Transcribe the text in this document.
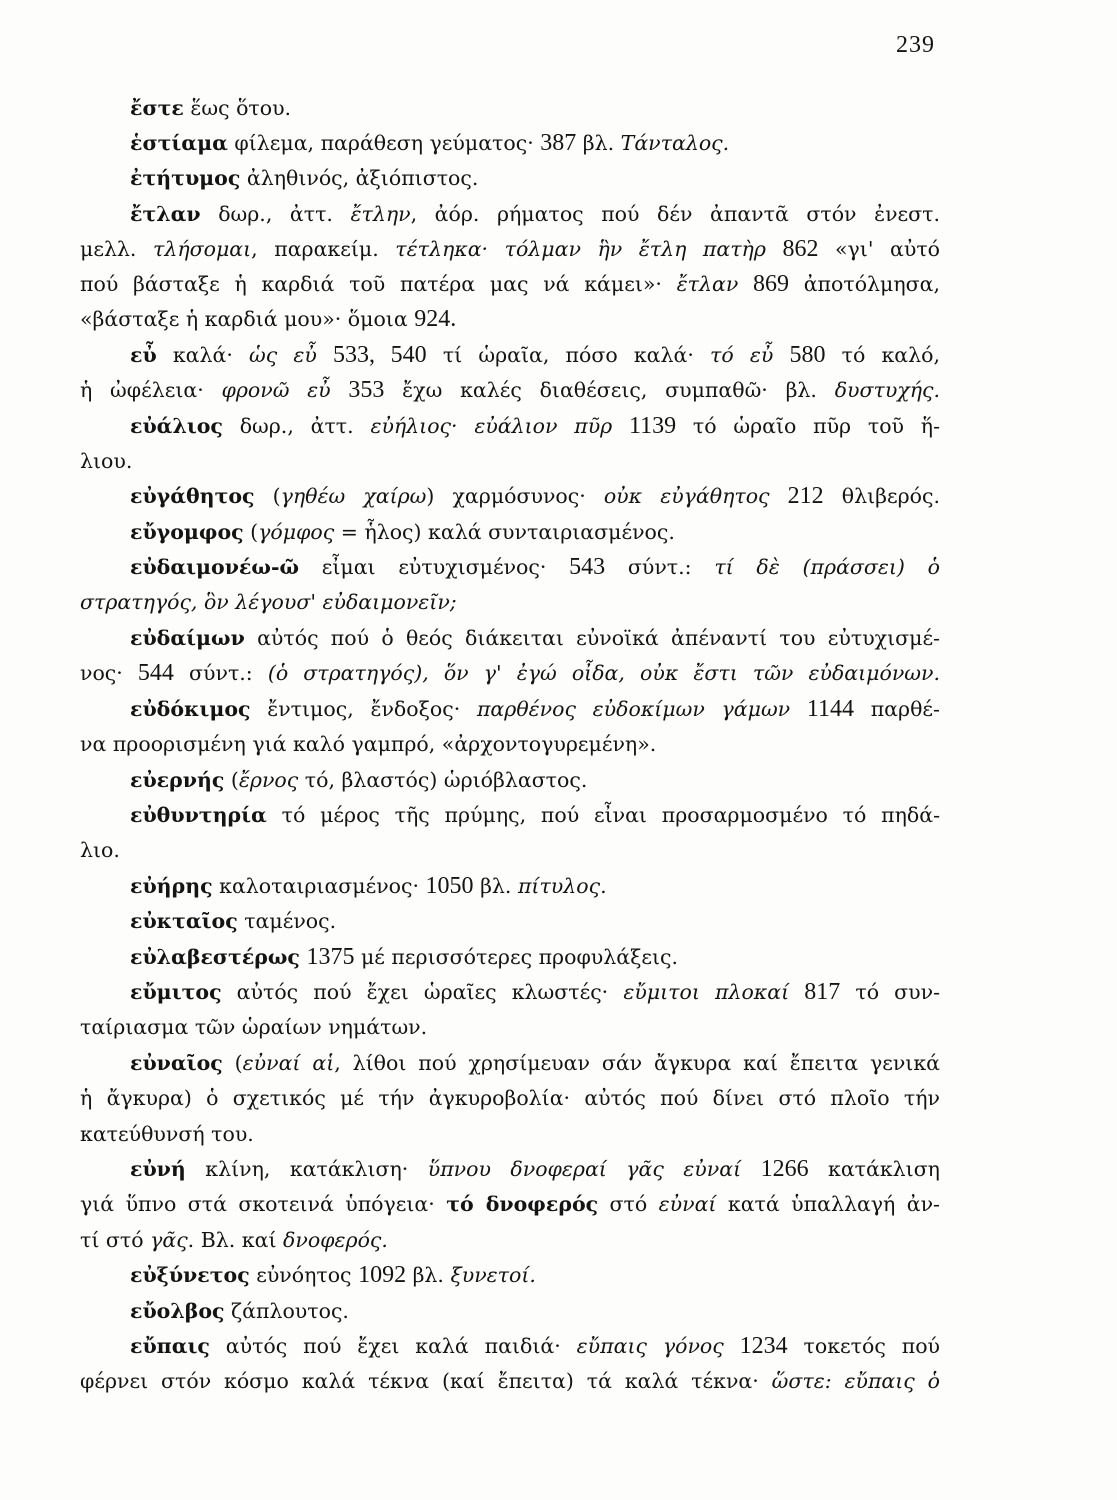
239
ἔστε ἕως ὅτου.
ἑστίαμα φίλεμα, παράθεση γεύματος· 387 βλ. Τάνταλος.
ἐτήτυμος ἀληθινός, ἀξιόπιστος.
ἔτλαν δωρ., ἀττ. ἔτλην, ἀόρ. ρήματος πού δέν ἀπαντᾶ στόν ἐνεστ.
μελλ. τλήσομαι, παρακείμ. τέτληκα· τόλμαν ἣν ἔτλη πατὴρ 862 «γι' αὐτό
πού βάσταξε ἡ καρδιά τοῦ πατέρα μας νά κάμει»· ἔτλαν 869 ἀποτόλμησα,
«βάσταξε ἡ καρδιά μου»· ὅμοια 924.
εὖ καλά· ὡς εὖ 533, 540 τί ὡραῖα, πόσο καλά· τό εὖ 580 τό καλό,
ἡ ὠφέλεια· φρονῶ εὖ 353 ἔχω καλές διαθέσεις, συμπαθῶ· βλ. δυστυχής.
εὐάλιος δωρ., ἀττ. εὐήλιος· εὐάλιον πῦρ 1139 τό ὡραῖο πῦρ τοῦ ἥ-
λιου.
εὐγάθητος (γηθέω χαίρω) χαρμόσυνος· οὐκ εὐγάθητος 212 θλιβερός.
εὔγομφος (γόμφος = ἧλος) καλά συνταιριασμένος.
εὐδαιμονέω-ῶ εἶμαι εὐτυχισμένος· 543 σύντ.: τί δὲ (πράσσει) ὁ
στρατηγός, ὃν λέγουσ' εὐδαιμονεῖν;
εὐδαίμων αὐτός πού ὁ θεός διάκειται εὐνοϊκά ἀπέναντί του εὐτυχισμέ-
νος· 544 σύντ.: (ὁ στρατηγός), ὅν γ' ἐγώ οἶδα, οὐκ ἔστι τῶν εὐδαιμόνων.
εὐδόκιμος ἔντιμος, ἔνδοξος· παρθένος εὐδοκίμων γάμων 1144 παρθέ-
να προορισμένη γιά καλό γαμπρό, «ἀρχοντογυρεμένη».
εὐερνής (ἔρνος τό, βλαστός) ὡριόβλαστος.
εὐθυντηρία τό μέρος τῆς πρύμης, πού εἶναι προσαρμοσμένο τό πηδά-
λιο.
εὐήρης καλοταιριασμένος· 1050 βλ. πίτυλος.
εὐκταῖος ταμένος.
εὐλαβεστέρως 1375 μέ περισσότερες προφυλάξεις.
εὔμιτος αὐτός πού ἔχει ὡραῖες κλωστές· εὔμιτοι πλοκαί 817 τό συν-
ταίριασμα τῶν ὡραίων νημάτων.
εὐναῖος (εὐναί αἱ, λίθοι πού χρησίμευαν σάν ἄγκυρα καί ἔπειτα γενικά
ἡ ἄγκυρα) ὁ σχετικός μέ τήν ἀγκυροβολία· αὐτός πού δίνει στό πλοῖο τήν
κατεύθυνσή του.
εὐνή κλίνη, κατάκλιση· ὕπνου δνοφεραί γᾶς εὐναί 1266 κατάκλιση
γιά ὕπνο στά σκοτεινά ὑπόγεια· τό δνοφερός στό εὐναί κατά ὑπαλλαγή ἀν-
τί στό γᾶς. Βλ. καί δνοφερός.
εὐξύνετος εὐνόητος 1092 βλ. ξυνετοί.
εὔολβος ζάπλουτος.
εὔπαις αὐτός πού ἔχει καλά παιδιά· εὔπαις γόνος 1234 τοκετός πού
φέρνει στόν κόσμο καλά τέκνα (καί ἔπειτα) τά καλά τέκνα· ὥστε: εὔπαις ὁ
